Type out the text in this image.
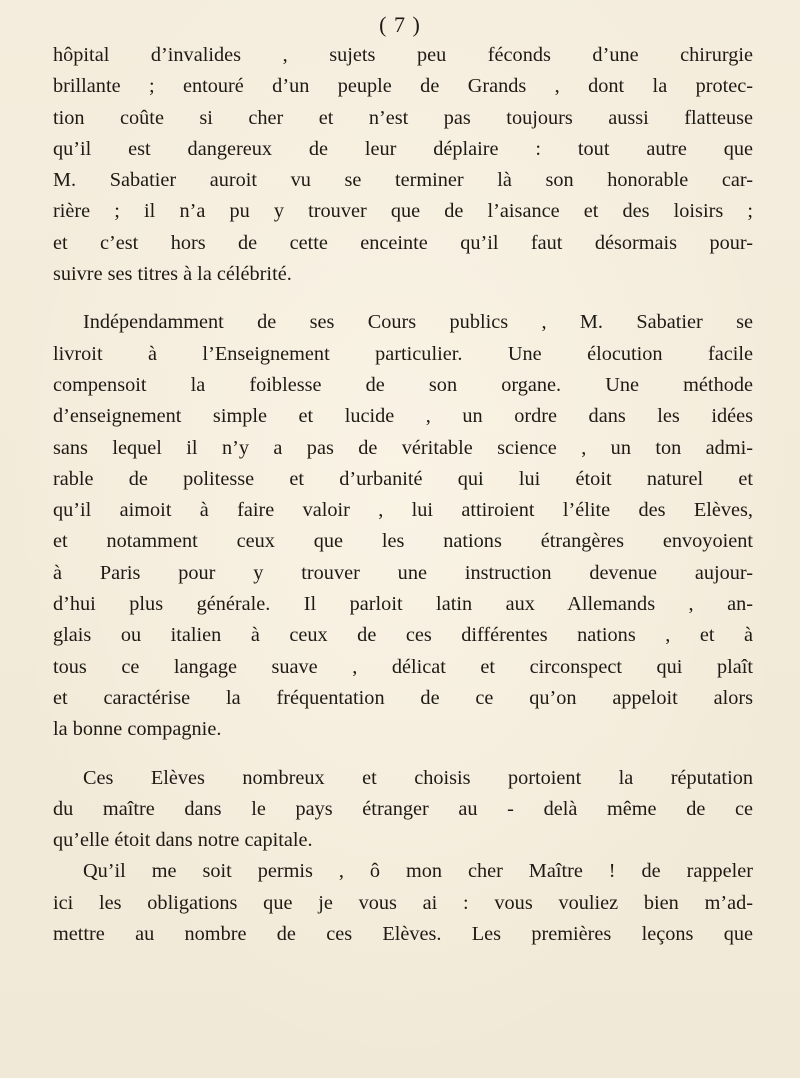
( 7 )
hôpital d’invalides , sujets peu féconds d’une chirurgie
brillante ; entouré d’un peuple de Grands , dont la protec-
tion coûte si cher et n’est pas toujours aussi flatteuse
qu’il est dangereux de leur déplaire : tout autre que
M. Sabatier auroit vu se terminer là son honorable car-
rière ; il n’a pu y trouver que de l’aisance et des loisirs ;
et c’est hors de cette enceinte qu’il faut désormais pour-
suivre ses titres à la célébrité.
Indépendamment de ses Cours publics , M. Sabatier se
livroit à l’Enseignement particulier. Une élocution facile
compensoit la foiblesse de son organe. Une méthode
d’enseignement simple et lucide , un ordre dans les idées
sans lequel il n’y a pas de véritable science , un ton admi-
rable de politesse et d’urbanité qui lui étoit naturel et
qu’il aimoit à faire valoir , lui attiroient l’élite des Elèves,
et notamment ceux que les nations étrangères envoyoient
à Paris pour y trouver une instruction devenue aujour-
d’hui plus générale. Il parloit latin aux Allemands , an-
glais ou italien à ceux de ces différentes nations , et à
tous ce langage suave , délicat et circonspect qui plaît
et caractérise la fréquentation de ce qu’on appeloit alors
la bonne compagnie.
Ces Elèves nombreux et choisis portoient la réputation
du maître dans le pays étranger au - delà même de ce
qu’elle étoit dans notre capitale.
Qu’il me soit permis , ô mon cher Maître ! de rappeler
ici les obligations que je vous ai : vous vouliez bien m’ad-
mettre au nombre de ces Elèves. Les premières leçons que
